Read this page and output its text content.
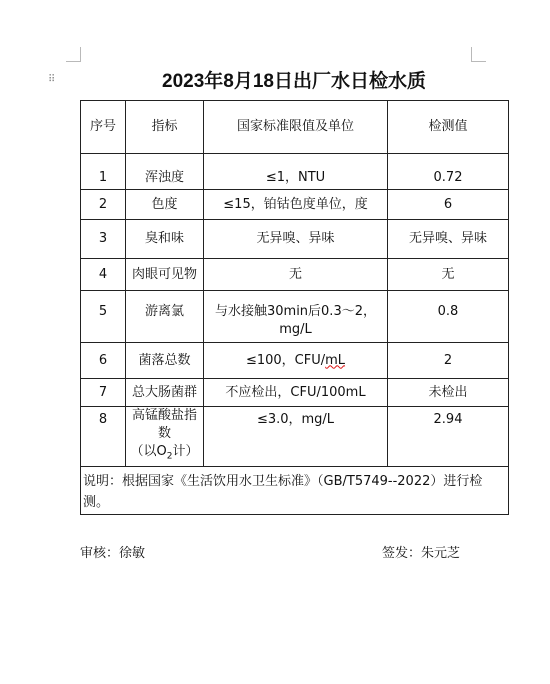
⠿	2023年8月18日出厂水日检水质
序号	指标	国家标准限值及单位	检测值
1	浑浊度	≤1，NTU	0.72
2	色度	≤15，铂钴色度单位，度	6
3	臭和味	无异嗅、异味	无异嗅、异味
4	肉眼可见物	无	无
5	游离氯	与水接触30min后0.3～2，
mg/L	0.8
6	菌落总数	≤100，CFU/mL	2
7	总大肠菌群	不应检出，CFU/100mL	未检出
8	高锰酸盐指数
（以$O_2$计）	≤3.0，mg/L	2.94
说明：根据国家《生活饮用水卫生标准》（GB/T5749--2022）进行检测。			
审核：徐敏	签发：朱元芝
